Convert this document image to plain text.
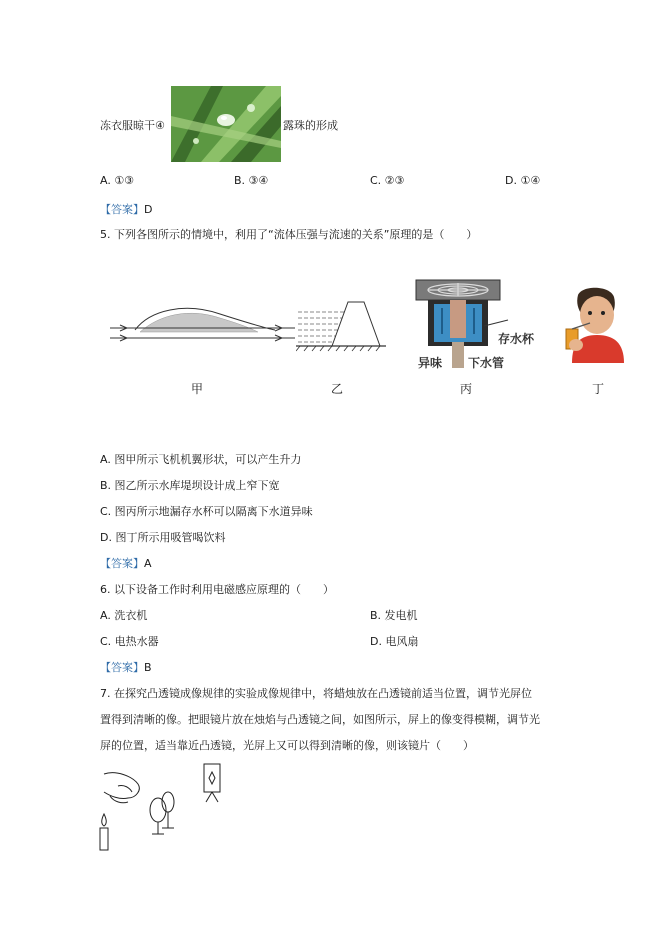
冻衣服晾干④	露珠的形成
A. ①③	B. ③④	C. ②③	D. ①④
【答案】D
5. 下列各图所示的情境中，利用了“流体压强与流速的关系”原理的是（　　）
存水杯
异味 下水管
甲	乙	丙	丁
A. 图甲所示飞机机翼形状，可以产生升力
B. 图乙所示水库堤坝设计成上窄下宽
C. 图丙所示地漏存水杯可以隔离下水道异味
D. 图丁所示用吸管喝饮料
【答案】A
6. 以下设备工作时利用电磁感应原理的（　　）
A. 洗衣机	B. 发电机
C. 电热水器	D. 电风扇
【答案】B
7. 在探究凸透镜成像规律的实验成像规律中，将蜡烛放在凸透镜前适当位置，调节光屏位
置得到清晰的像。把眼镜片放在烛焰与凸透镜之间，如图所示，屏上的像变得模糊，调节光
屏的位置，适当靠近凸透镜，光屏上又可以得到清晰的像，则该镜片（　　）
